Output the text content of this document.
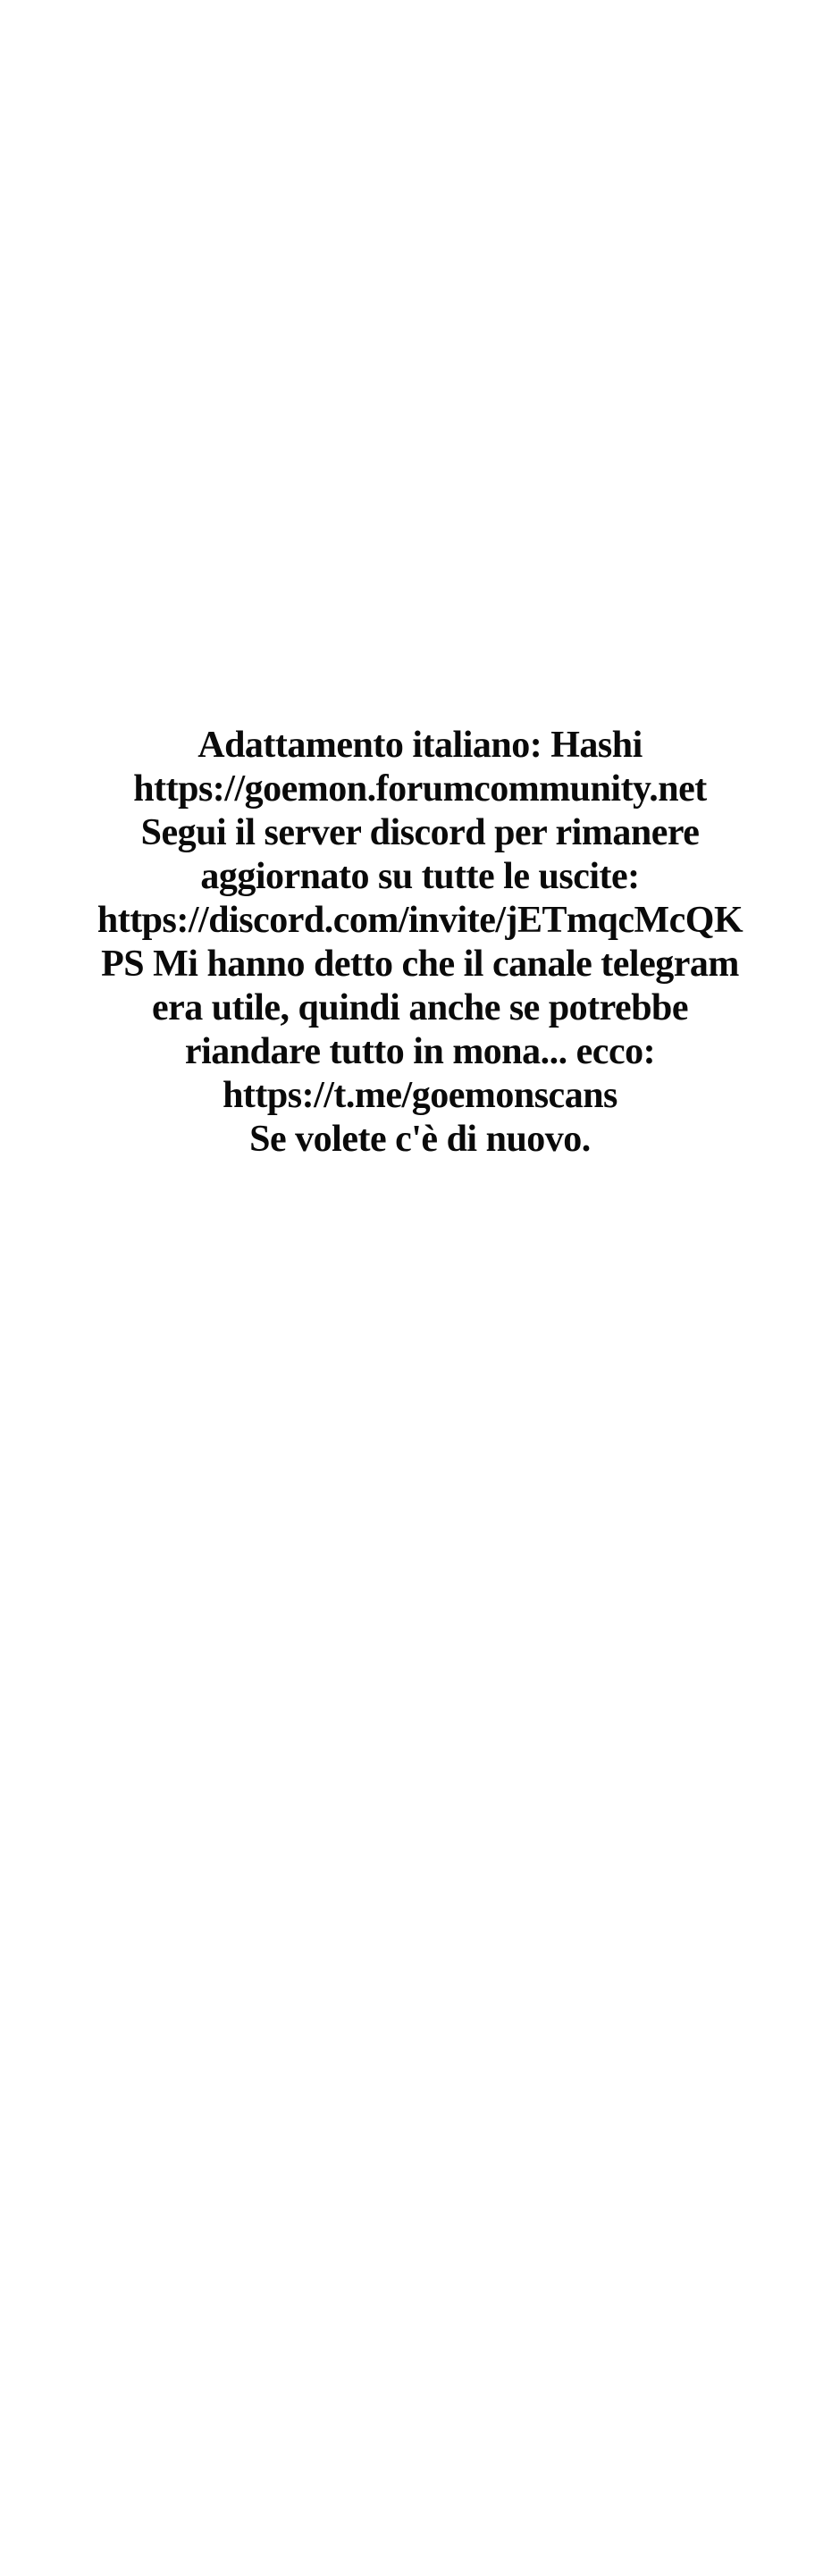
Adattamento italiano: Hashi

https://goemon.forumcommunity.net

Segui il server discord per rimanere

aggiornato su tutte le uscite:

https://discord.com/invite/jETmqcMcQK

PS Mi hanno detto che il canale telegram

era utile, quindi anche se potrebbe

riandare tutto in mona... ecco:

https://t.me/goemonscans

Se volete c'è di nuovo.
